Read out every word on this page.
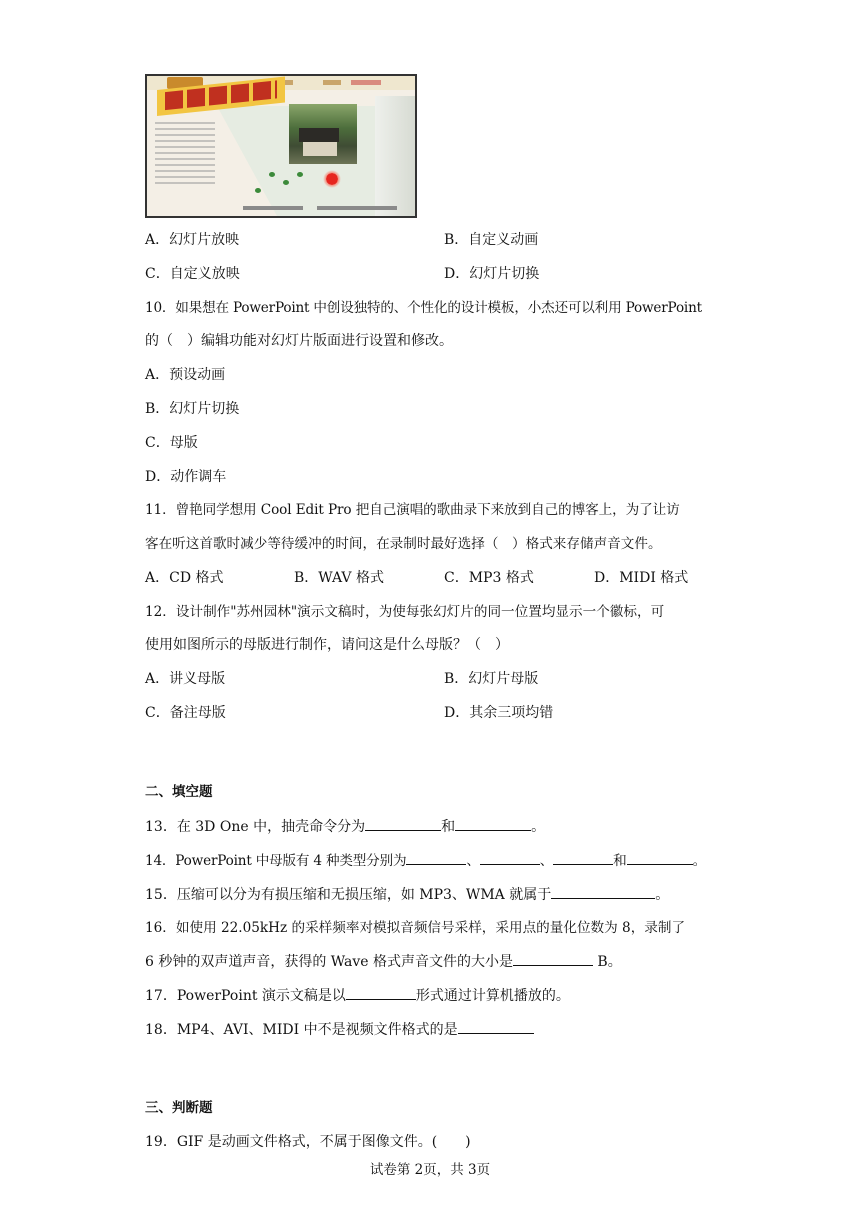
A．幻灯片放映	B．自定义动画
C．自定义放映	D．幻灯片切换
10．如果想在 PowerPoint 中创设独特的、个性化的设计模板，小杰还可以利用 PowerPoint
的（　）编辑功能对幻灯片版面进行设置和修改。
A．预设动画
B．幻灯片切换
C．母版
D．动作调车
11．曾艳同学想用 Cool Edit Pro 把自己演唱的歌曲录下来放到自己的博客上，为了让访
客在听这首歌时减少等待缓冲的时间，在录制时最好选择（　）格式来存储声音文件。
A．CD 格式	B．WAV 格式	C．MP3 格式	D．MIDI 格式
12．设计制作"苏州园林"演示文稿时，为使每张幻灯片的同一位置均显示一个徽标，可
使用如图所示的母版进行制作，请问这是什么母版？（　）
A．讲义母版	B．幻灯片母版
C．备注母版	D．其余三项均错
二、填空题
13．在 3D One 中，抽壳命令分为	和	。
14．PowerPoint 中母版有 4 种类型分别为	、	、	和	。
15．压缩可以分为有损压缩和无损压缩，如 MP3、WMA 就属于	。
16．如使用 22.05kHz 的采样频率对模拟音频信号采样，采用点的量化位数为 8，录制了
6 秒钟的双声道声音，获得的 Wave 格式声音文件的大小是	B。
17．PowerPoint 演示文稿是以	形式通过计算机播放的。
18．MP4、AVI、MIDI 中不是视频文件格式的是
三、判断题
19．GIF 是动画文件格式，不属于图像文件。(　　)
试卷第 2页，共 3页
